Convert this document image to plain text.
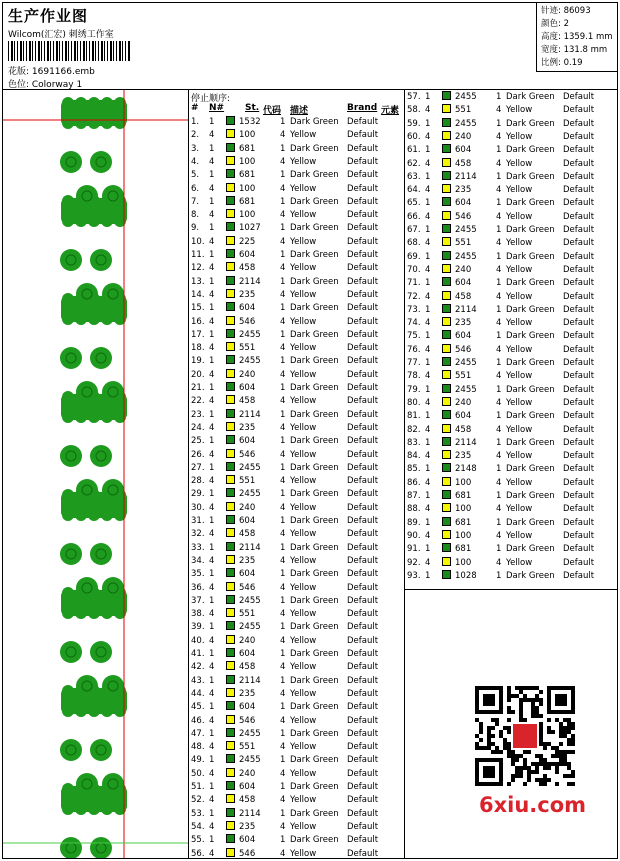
生产作业图
Wilcom(汇宏) 刺绣工作室
花版: 1691166.emb
色位: Colorway 1
针迹: 86093
颜色: 2
高度: 1359.1 mm
宽度: 131.8 mm
比例: 0.19
停止顺序:
# N# St. 代码 描述	Brand 元素
1. 1	1532 1 Dark Green Default
2. 4	100	4 Yellow	Default
3. 1	681	1 Dark Green Default
4. 4	100	4 Yellow	Default
5. 1	681	1 Dark Green Default
6. 4	100	4 Yellow	Default
7. 1	681	1 Dark Green Default
8. 4	100	4 Yellow	Default
9. 1	1027 1 Dark Green Default
10. 4	225	4 Yellow	Default
11. 1	604	1 Dark Green Default
12. 4	458	4 Yellow	Default
13. 1	2114 1 Dark Green Default
14. 4	235	4 Yellow	Default
15. 1	604	1 Dark Green Default
16. 4	546	4 Yellow	Default
17. 1	2455 1 Dark Green Default
18. 4	551	4 Yellow	Default
19. 1	2455 1 Dark Green Default
20. 4	240	4 Yellow	Default
21. 1	604	1 Dark Green Default
22. 4	458	4 Yellow	Default
23. 1	2114 1 Dark Green Default
24. 4	235	4 Yellow	Default
25. 1	604	1 Dark Green Default
26. 4	546	4 Yellow	Default
27. 1	2455 1 Dark Green Default
28. 4	551	4 Yellow	Default
29. 1	2455 1 Dark Green Default
30. 4	240	4 Yellow	Default
31. 1	604	1 Dark Green Default
32. 4	458	4 Yellow	Default
33. 1	2114 1 Dark Green Default
34. 4	235	4 Yellow	Default
35. 1	604	1 Dark Green Default
36. 4	546	4 Yellow	Default
37. 1	2455 1 Dark Green Default
38. 4	551	4 Yellow	Default
39. 1	2455 1 Dark Green Default
40. 4	240	4 Yellow	Default
41. 1	604	1 Dark Green Default
42. 4	458	4 Yellow	Default
43. 1	2114 1 Dark Green Default
44. 4	235	4 Yellow	Default
45. 1	604	1 Dark Green Default
46. 4	546	4 Yellow	Default
47. 1	2455 1 Dark Green Default
48. 4	551	4 Yellow	Default
49. 1	2455 1 Dark Green Default
50. 4	240	4 Yellow	Default
51. 1	604	1 Dark Green Default
52. 4	458	4 Yellow	Default
53. 1	2114 1 Dark Green Default
54. 4	235	4 Yellow	Default
55. 1	604	1 Dark Green Default
56. 4	546	4 Yellow	Default
57. 1	2455 1 Dark Green Default
58. 4	551	4 Yellow	Default
59. 1	2455 1 Dark Green Default
60. 4	240	4 Yellow	Default
61. 1	604	1 Dark Green Default
62. 4	458	4 Yellow	Default
63. 1	2114 1 Dark Green Default
64. 4	235	4 Yellow	Default
65. 1	604	1 Dark Green Default
66. 4	546	4 Yellow	Default
67. 1	2455 1 Dark Green Default
68. 4	551	4 Yellow	Default
69. 1	2455 1 Dark Green Default
70. 4	240	4 Yellow	Default
71. 1	604	1 Dark Green Default
72. 4	458	4 Yellow	Default
73. 1	2114 1 Dark Green Default
74. 4	235	4 Yellow	Default
75. 1	604	1 Dark Green Default
76. 4	546	4 Yellow	Default
77. 1	2455 1 Dark Green Default
78. 4	551	4 Yellow	Default
79. 1	2455 1 Dark Green Default
80. 4	240	4 Yellow	Default
81. 1	604	1 Dark Green Default
82. 4	458	4 Yellow	Default
83. 1	2114 1 Dark Green Default
84. 4	235	4 Yellow	Default
85. 1	2148 1 Dark Green Default
86. 4	100	4 Yellow	Default
87. 1	681	1 Dark Green Default
88. 4	100	4 Yellow	Default
89. 1	681	1 Dark Green Default
90. 4	100	4 Yellow	Default
91. 1	681	1 Dark Green Default
92. 4	100	4 Yellow	Default
93. 1	1028 1 Dark Green Default
6xiu.com
